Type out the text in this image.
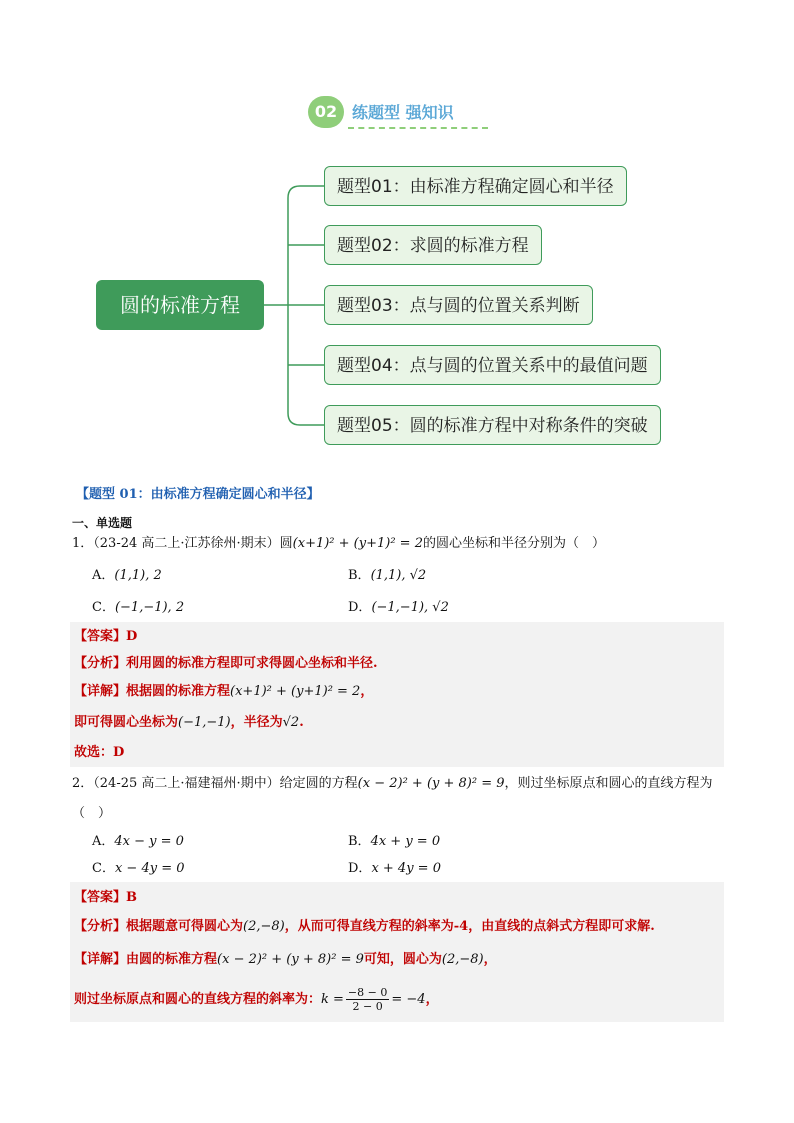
02 练题型 强知识
圆的标准方程
题型01：由标准方程确定圆心和半径
题型02：求圆的标准方程
题型03：点与圆的位置关系判断
题型04：点与圆的位置关系中的最值问题
题型05：圆的标准方程中对称条件的突破
【题型 01：由标准方程确定圆心和半径】
一、单选题
1．（23-24 高二上·江苏徐州·期末）圆(x+1)² + (y+1)² = 2的圆心坐标和半径分别为（　）
A．(1,1), 2	B．(1,1), √2
C．(−1,−1), 2	D．(−1,−1), √2
【答案】D
【分析】利用圆的标准方程即可求得圆心坐标和半径.
【详解】根据圆的标准方程(x+1)² + (y+1)² = 2，
即可得圆心坐标为(−1,−1)，半径为√2.
故选：D
2．（24-25 高二上·福建福州·期中）给定圆的方程(x − 2)² + (y + 8)² = 9，则过坐标原点和圆心的直线方程为
（　）
A．4x − y = 0	B．4x + y = 0
C．x − 4y = 0	D．x + 4y = 0
【答案】B
【分析】根据题意可得圆心为(2,−8)，从而可得直线方程的斜率为-4，由直线的点斜式方程即可求解.
【详解】由圆的标准方程(x − 2)² + (y + 8)² = 9可知，圆心为(2,−8)，
则过坐标原点和圆心的直线方程的斜率为：$k = \frac{-8 - 0}{2 - 0} = -4$，
